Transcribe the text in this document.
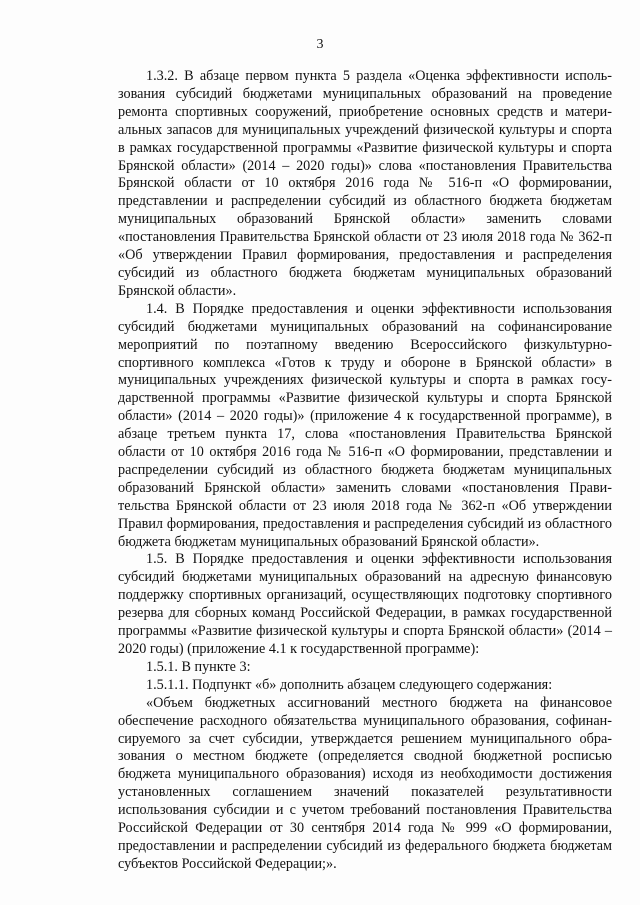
3

1.3.2. В абзаце первом пункта 5 раздела «Оценка эффективности использования субсидий бюджетами муниципальных образований на проведение ремонта спортивных сооружений, приобретение основных средств и материальных запасов для муниципальных учреждений физической культуры и спорта в рамках государственной программы «Развитие физической культуры и спорта Брянской области» (2014 – 2020 годы)» слова «постановления Правительства Брянской области от 10 октября 2016 года № 516-п «О формировании, представлении и распределении субсидий из областного бюджета бюджетам муниципальных образований Брянской области» заменить словами «постановления Правительства Брянской области от 23 июля 2018 года № 362-п «Об утверждении Правил формирования, предоставления и распределения субсидий из областного бюджета бюджетам муниципальных образований Брянской области».

1.4. В Порядке предоставления и оценки эффективности использования субсидий бюджетами муниципальных образований на софинансирование мероприятий по поэтапному введению Всероссийского физкультурно-спортивного комплекса «Готов к труду и обороне в Брянской области» в муниципальных учреждениях физической культуры и спорта в рамках государственной программы «Развитие физической культуры и спорта Брянской области» (2014 – 2020 годы)» (приложение 4 к государственной программе), в абзаце третьем пункта 17, слова «постановления Правительства Брянской области от 10 октября 2016 года № 516-п «О формировании, представлении и распределении субсидий из областного бюджета бюджетам муниципальных образований Брянской области» заменить словами «постановления Правительства Брянской области от 23 июля 2018 года № 362-п «Об утверждении Правил формирования, предоставления и распределения субсидий из областного бюджета бюджетам муниципальных образований Брянской области».

1.5. В Порядке предоставления и оценки эффективности использования субсидий бюджетами муниципальных образований на адресную финансовую поддержку спортивных организаций, осуществляющих подготовку спортивного резерва для сборных команд Российской Федерации, в рамках государственной программы «Развитие физической культуры и спорта Брянской области» (2014 – 2020 годы) (приложение 4.1 к государственной программе):

1.5.1. В пункте 3:

1.5.1.1. Подпункт «б» дополнить абзацем следующего содержания:

«Объем бюджетных ассигнований местного бюджета на финансовое обеспечение расходного обязательства муниципального образования, софинансируемого за счет субсидии, утверждается решением муниципального образования о местном бюджете (определяется сводной бюджетной росписью бюджета муниципального образования) исходя из необходимости достижения установленных соглашением значений показателей результативности использования субсидии и с учетом требований постановления Правительства Российской Федерации от 30 сентября 2014 года № 999 «О формировании, предоставлении и распределении субсидий из федерального бюджета бюджетам субъектов Российской Федерации;».
